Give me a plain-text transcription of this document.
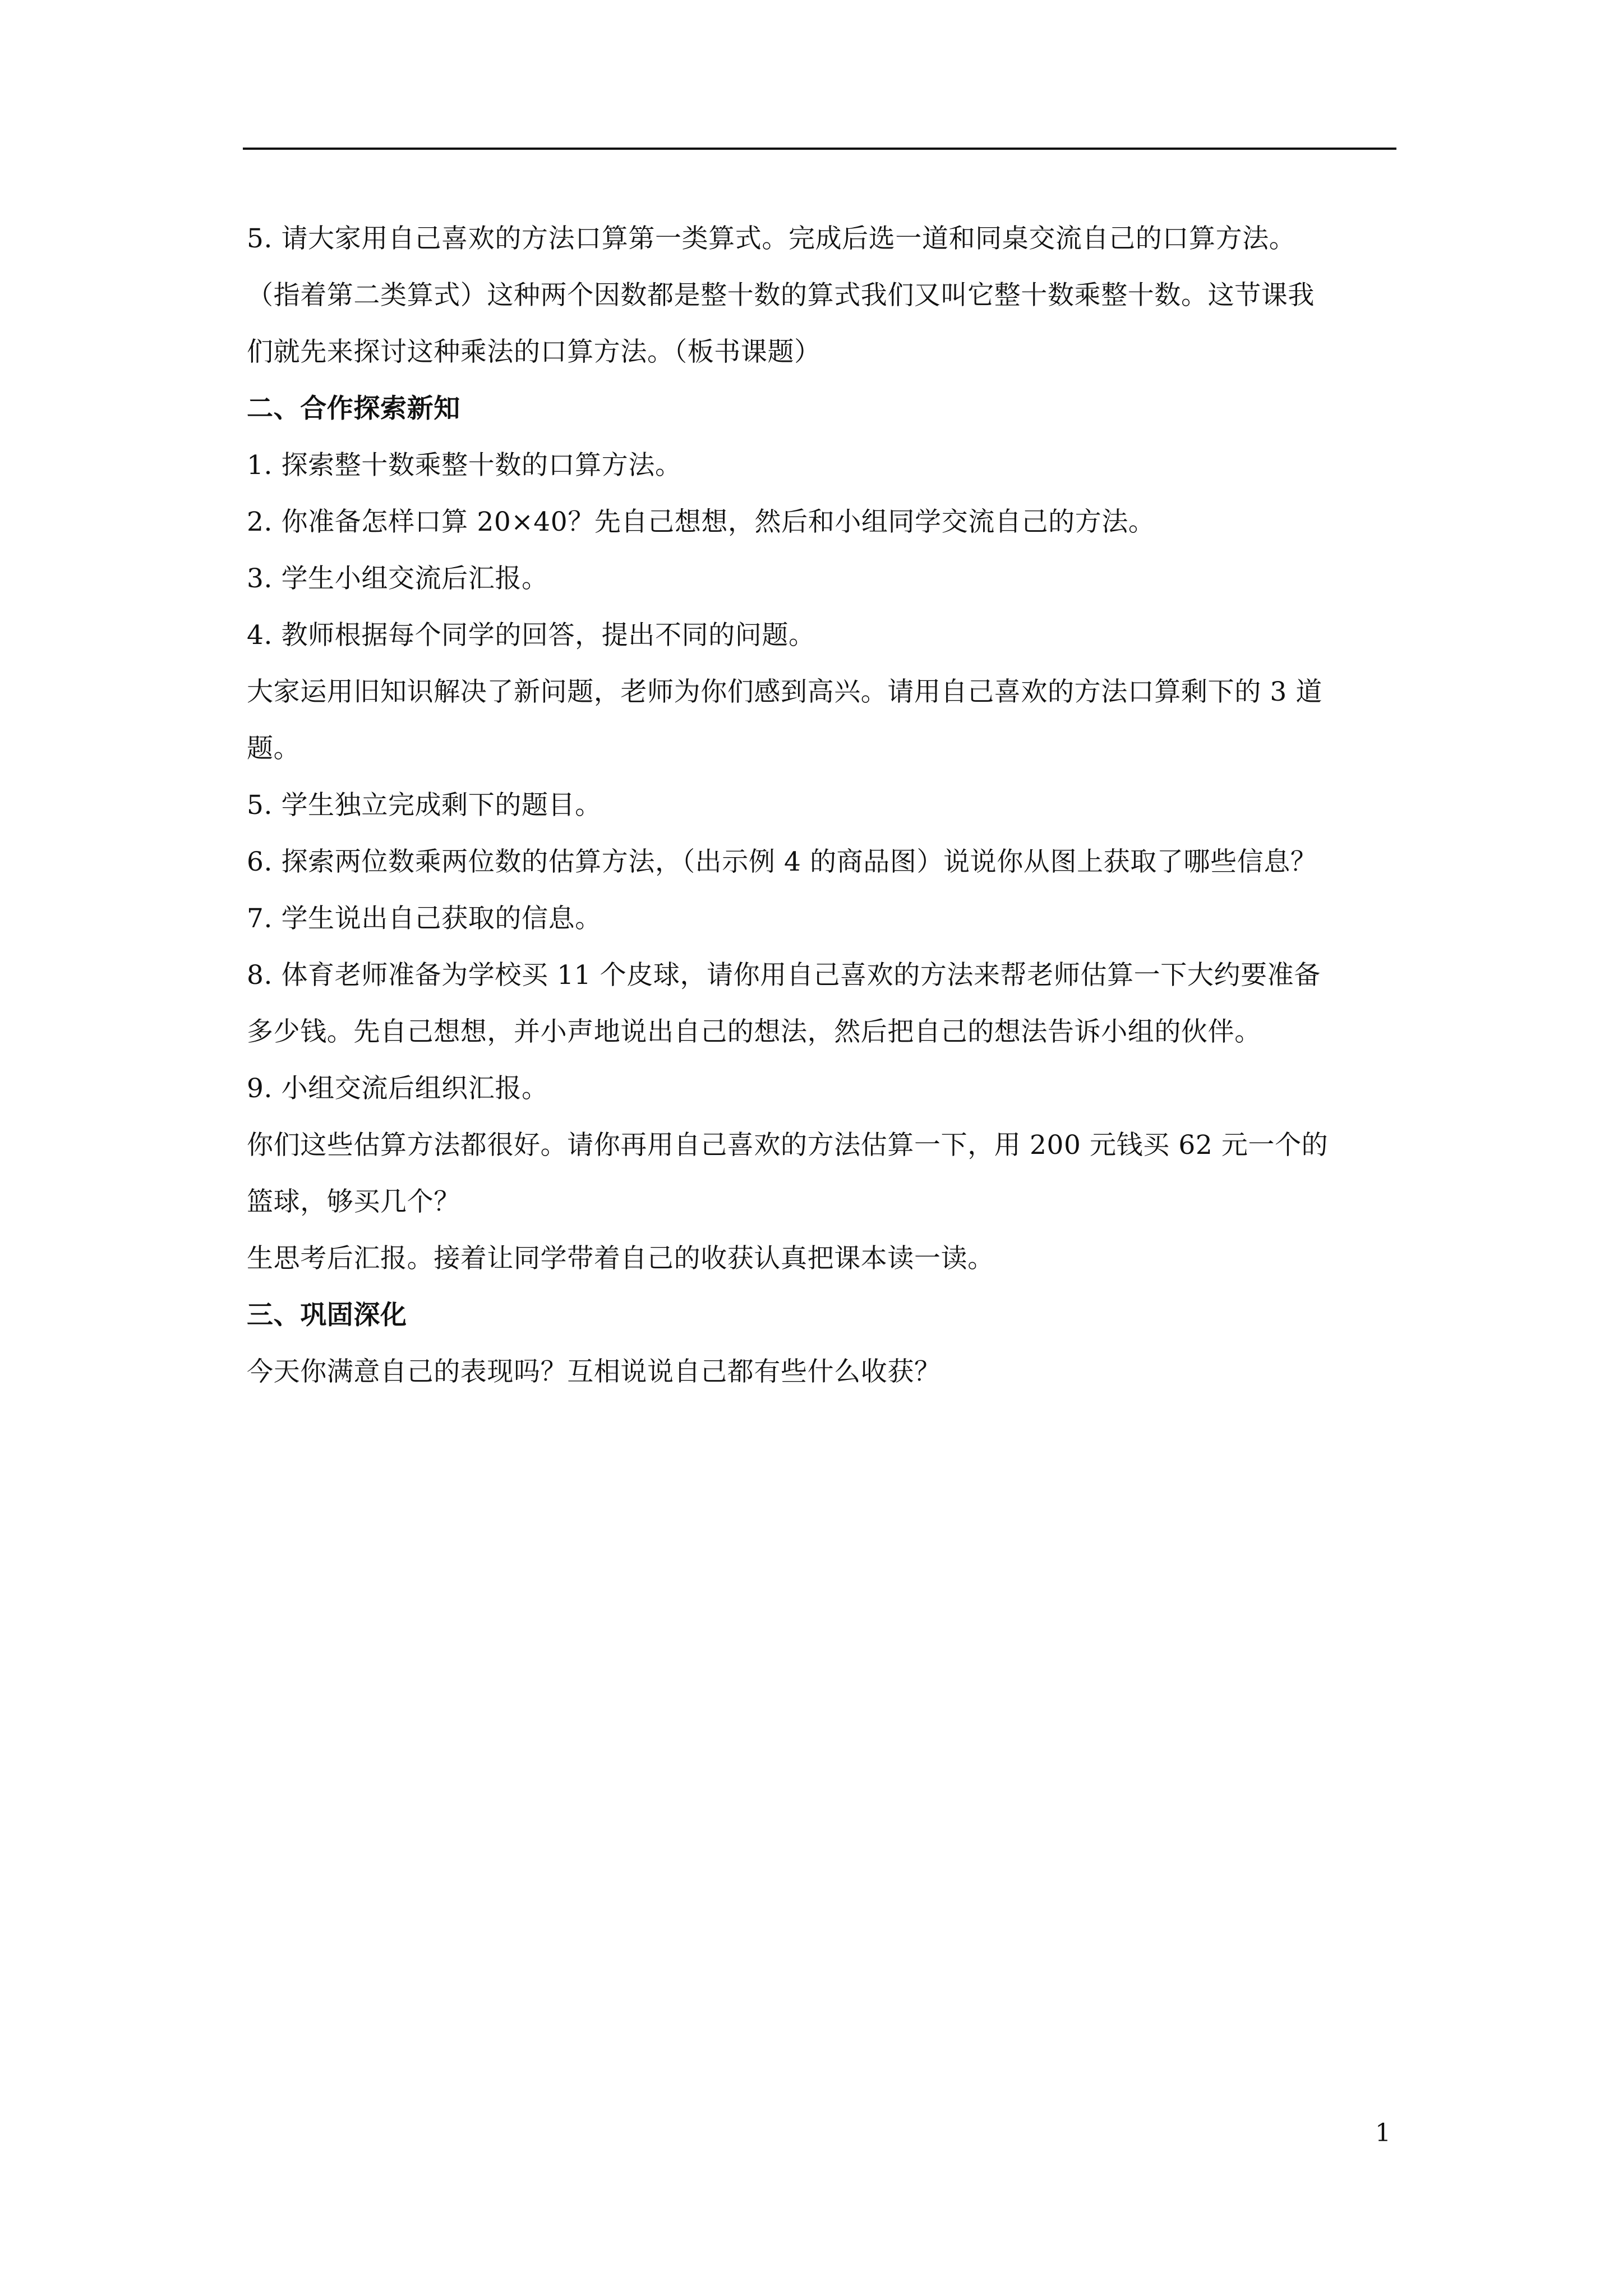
5. 请大家用自己喜欢的方法口算第一类算式。完成后选一道和同桌交流自己的口算方法。
（指着第二类算式）这种两个因数都是整十数的算式我们又叫它整十数乘整十数。这节课我
们就先来探讨这种乘法的口算方法。（板书课题）
二、合作探索新知
1. 探索整十数乘整十数的口算方法。
2. 你准备怎样口算 20×40？先自己想想，然后和小组同学交流自己的方法。
3. 学生小组交流后汇报。
4. 教师根据每个同学的回答，提出不同的问题。
大家运用旧知识解决了新问题，老师为你们感到高兴。请用自己喜欢的方法口算剩下的 3 道
题。
5. 学生独立完成剩下的题目。
6. 探索两位数乘两位数的估算方法，（出示例 4 的商品图）说说你从图上获取了哪些信息？
7. 学生说出自己获取的信息。
8. 体育老师准备为学校买 11 个皮球，请你用自己喜欢的方法来帮老师估算一下大约要准备
多少钱。先自己想想，并小声地说出自己的想法，然后把自己的想法告诉小组的伙伴。
9. 小组交流后组织汇报。
你们这些估算方法都很好。请你再用自己喜欢的方法估算一下，用 200 元钱买 62 元一个的
篮球，够买几个？
生思考后汇报。接着让同学带着自己的收获认真把课本读一读。
三、巩固深化
今天你满意自己的表现吗？互相说说自己都有些什么收获？
1
